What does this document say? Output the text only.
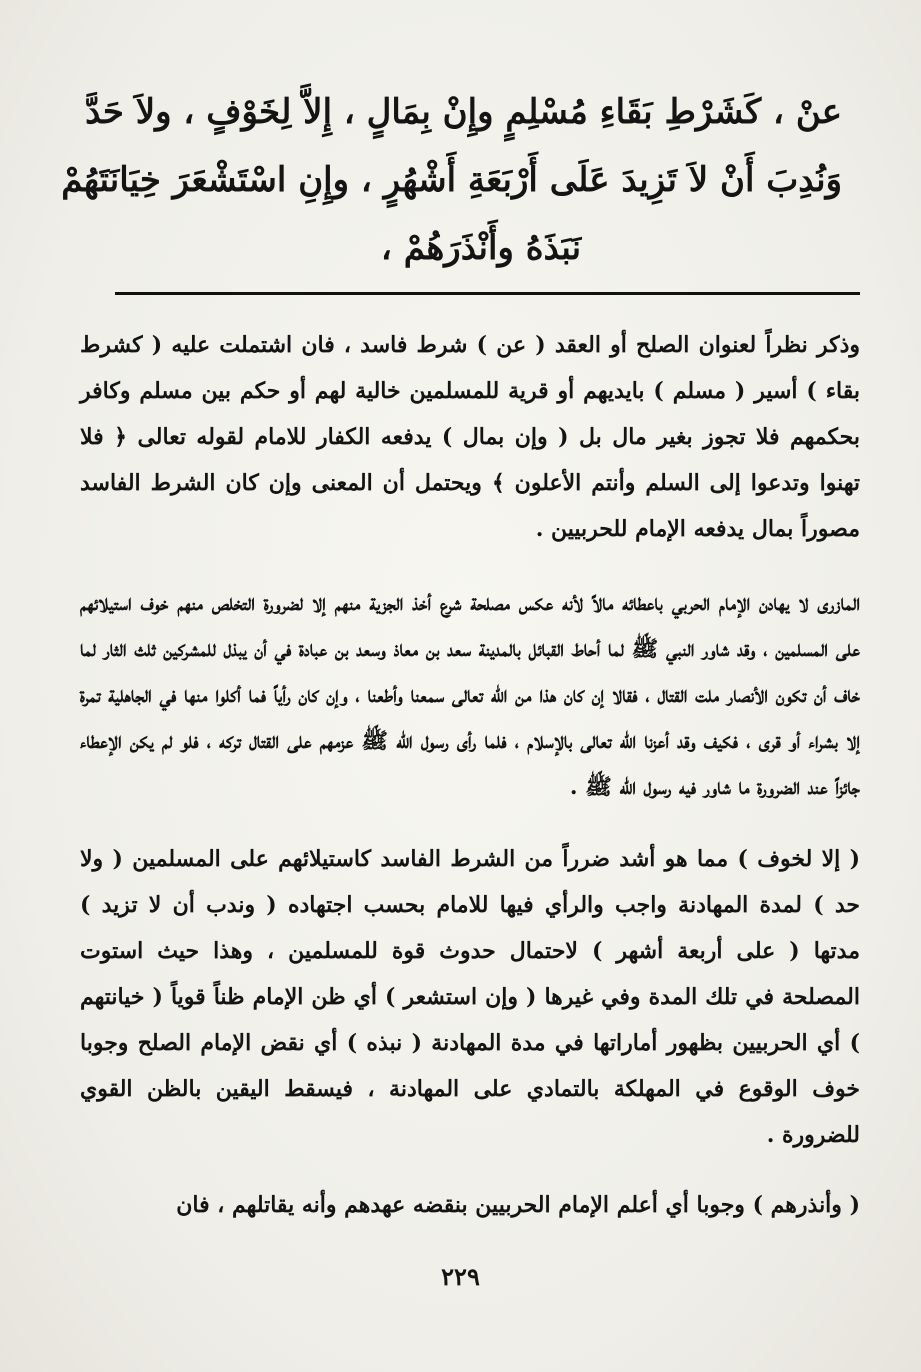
عنْ ، كَشَرْطِ بَقَاءِ مُسْلِمٍ وإِنْ بِمَالٍ ، إِلاَّ لِخَوْفٍ ، ولاَ حَدَّ

وَنُدِبَ أَنْ لاَ تَزِيدَ عَلَى أَرْبَعَةِ أَشْهُرٍ ، وإِنِ اسْتَشْعَرَ خِيَانَتَهُمْ

نَبَذَهُ وأَنْذَرَهُمْ ،

وذكر نظراً لعنوان الصلح أو العقد ( عن ) شرط فاسد ، فان اشتملت عليه ( كشرط بقاء ) أسير ( مسلم ) بايديهم أو قرية للمسلمين خالية لهم أو حكم بين مسلم وكافر بحكمهم فلا تجوز بغير مال بل ( وإن بمال ) يدفعه الكفار للامام لقوله تعالى ﴿ فلا تهنوا وتدعوا إلى السلم وأنتم الأعلون ﴾ ويحتمل أن المعنى وإن كان الشرط الفاسد مصوراً بمال يدفعه الإمام للحربيين .

المازرى لا يهادن الإمام الحربي باعطائه مالاً لأنه عكس مصلحة شرع أخذ الجزية منهم إلا لضرورة التخلص منهم خوف استيلائهم على المسلمين ، وقد شاور النبي ﷺ لما أحاط القبائل بالمدينة سعد بن معاذ وسعد بن عبادة في أن يبذل للمشركين ثلث الثار لما خاف أن تكون الأنصار ملت القتال ، فقالا إن كان هذا من الله تعالى سمعنا وأطعنا ، وإن كان رأياً فما أكلوا منها في الجاهلية تمرة إلا بشراء أو قرى ، فكيف وقد أعزنا الله تعالى بالإسلام ، فلما رأى رسول الله ﷺ عزمهم على القتال تركه ، فلو لم يكن الإعطاء جائزاً عند الضرورة ما شاور فيه رسول الله ﷺ .

( إلا لخوف ) مما هو أشد ضرراً من الشرط الفاسد كاستيلائهم على المسلمين ( ولا حد ) لمدة المهادنة واجب والرأي فيها للامام بحسب اجتهاده ( وندب أن لا تزيد ) مدتها ( على أربعة أشهر ) لاحتمال حدوث قوة للمسلمين ، وهذا حيث استوت المصلحة في تلك المدة وفي غيرها ( وإن استشعر ) أي ظن الإمام ظناً قوياً ( خيانتهم ) أي الحربيين بظهور أماراتها في مدة المهادنة ( نبذه ) أي نقض الإمام الصلح وجوبا خوف الوقوع في المهلكة بالتمادي على المهادنة ، فيسقط اليقين بالظن القوي للضرورة .

( وأنذرهم ) وجوبا أي أعلم الإمام الحربيين بنقضه عهدهم وأنه يقاتلهم ، فان

٢٢٩
